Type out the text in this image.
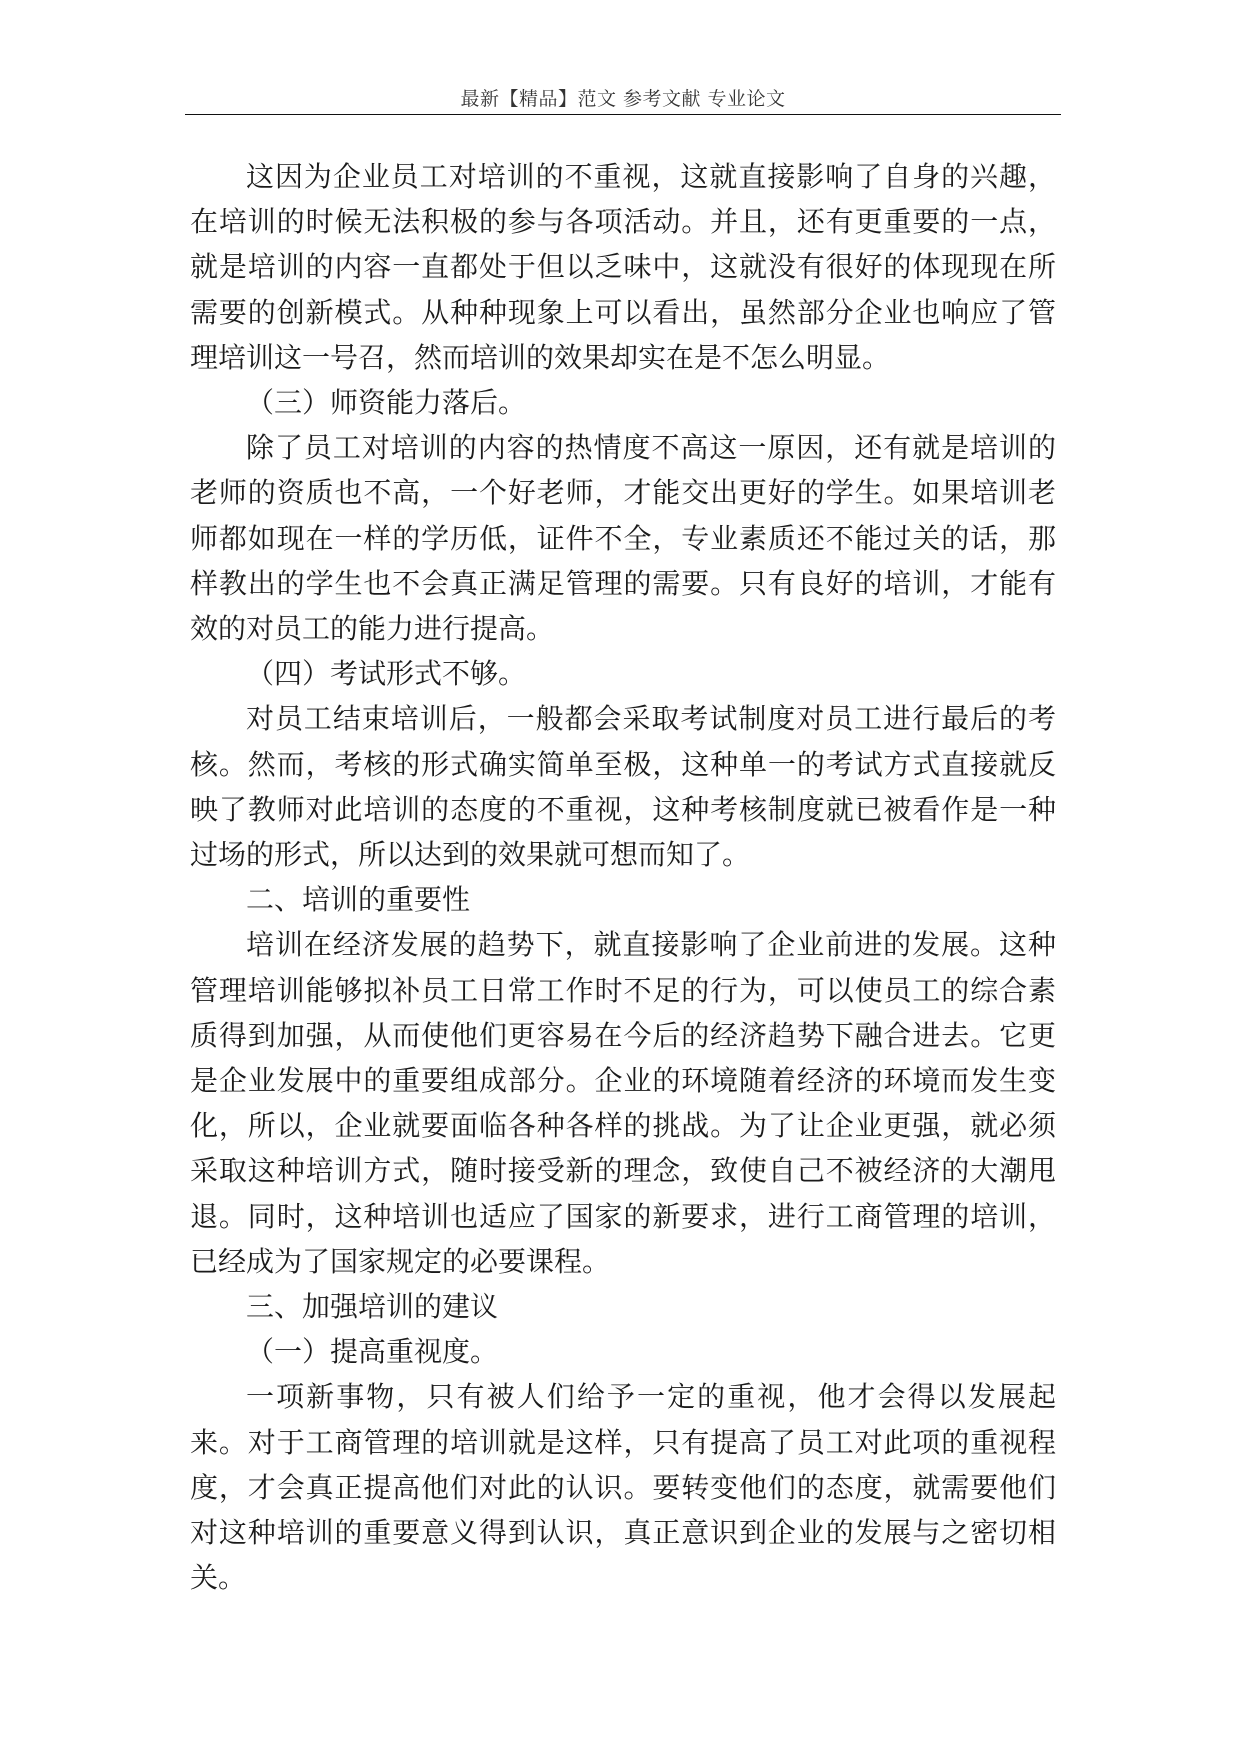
最新【精品】范文 参考文献 专业论文

这因为企业员工对培训的不重视，这就直接影响了自身的兴趣，在培训的时候无法积极的参与各项活动。并且，还有更重要的一点，就是培训的内容一直都处于但以乏味中，这就没有很好的体现现在所需要的创新模式。从种种现象上可以看出，虽然部分企业也响应了管理培训这一号召，然而培训的效果却实在是不怎么明显。

（三）师资能力落后。

除了员工对培训的内容的热情度不高这一原因，还有就是培训的老师的资质也不高，一个好老师，才能交出更好的学生。如果培训老师都如现在一样的学历低，证件不全，专业素质还不能过关的话，那样教出的学生也不会真正满足管理的需要。只有良好的培训，才能有效的对员工的能力进行提高。

（四）考试形式不够。

对员工结束培训后，一般都会采取考试制度对员工进行最后的考核。然而，考核的形式确实简单至极，这种单一的考试方式直接就反映了教师对此培训的态度的不重视，这种考核制度就已被看作是一种过场的形式，所以达到的效果就可想而知了。

二、培训的重要性

培训在经济发展的趋势下，就直接影响了企业前进的发展。这种管理培训能够拟补员工日常工作时不足的行为，可以使员工的综合素质得到加强，从而使他们更容易在今后的经济趋势下融合进去。它更是企业发展中的重要组成部分。企业的环境随着经济的环境而发生变化，所以，企业就要面临各种各样的挑战。为了让企业更强，就必须采取这种培训方式，随时接受新的理念，致使自己不被经济的大潮甩退。同时，这种培训也适应了国家的新要求，进行工商管理的培训，已经成为了国家规定的必要课程。

三、加强培训的建议

（一）提高重视度。

一项新事物，只有被人们给予一定的重视，他才会得以发展起来。对于工商管理的培训就是这样，只有提高了员工对此项的重视程度，才会真正提高他们对此的认识。要转变他们的态度，就需要他们对这种培训的重要意义得到认识，真正意识到企业的发展与之密切相关。
